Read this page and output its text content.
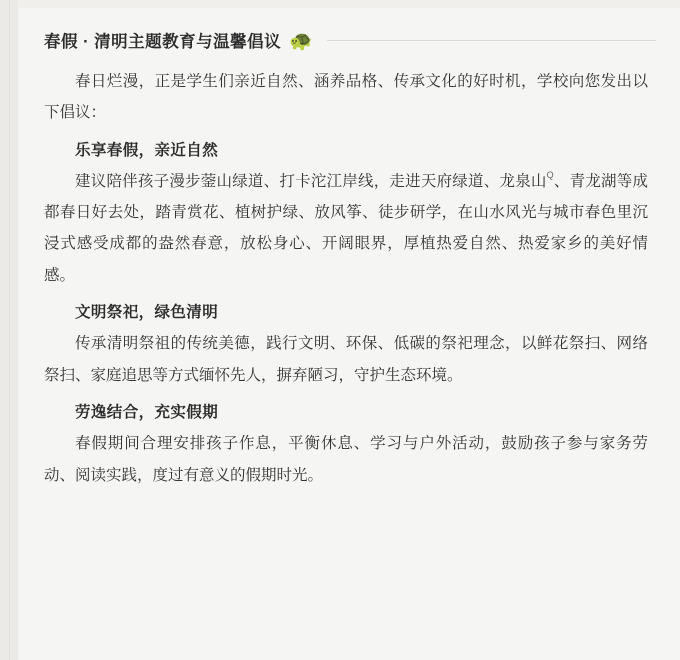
春假 · 清明主题教育与温馨倡议 🐢

春日烂漫，正是学生们亲近自然、涵养品格、传承文化的好时机，学校向您发出以下倡议：

乐享春假，亲近自然

建议陪伴孩子漫步蓥山绿道、打卡沱江岸线，走进天府绿道、龙泉山$^Q$、青龙湖等成都春日好去处，踏青赏花、植树护绿、放风筝、徒步研学，在山水风光与城市春色里沉浸式感受成都的盎然春意，放松身心、开阔眼界，厚植热爱自然、热爱家乡的美好情感。

文明祭祀，绿色清明

传承清明祭祖的传统美德，践行文明、环保、低碳的祭祀理念，以鲜花祭扫、网络祭扫、家庭追思等方式缅怀先人，摒弃陋习，守护生态环境。

劳逸结合，充实假期

春假期间合理安排孩子作息，平衡休息、学习与户外活动，鼓励孩子参与家务劳动、阅读实践，度过有意义的假期时光。
